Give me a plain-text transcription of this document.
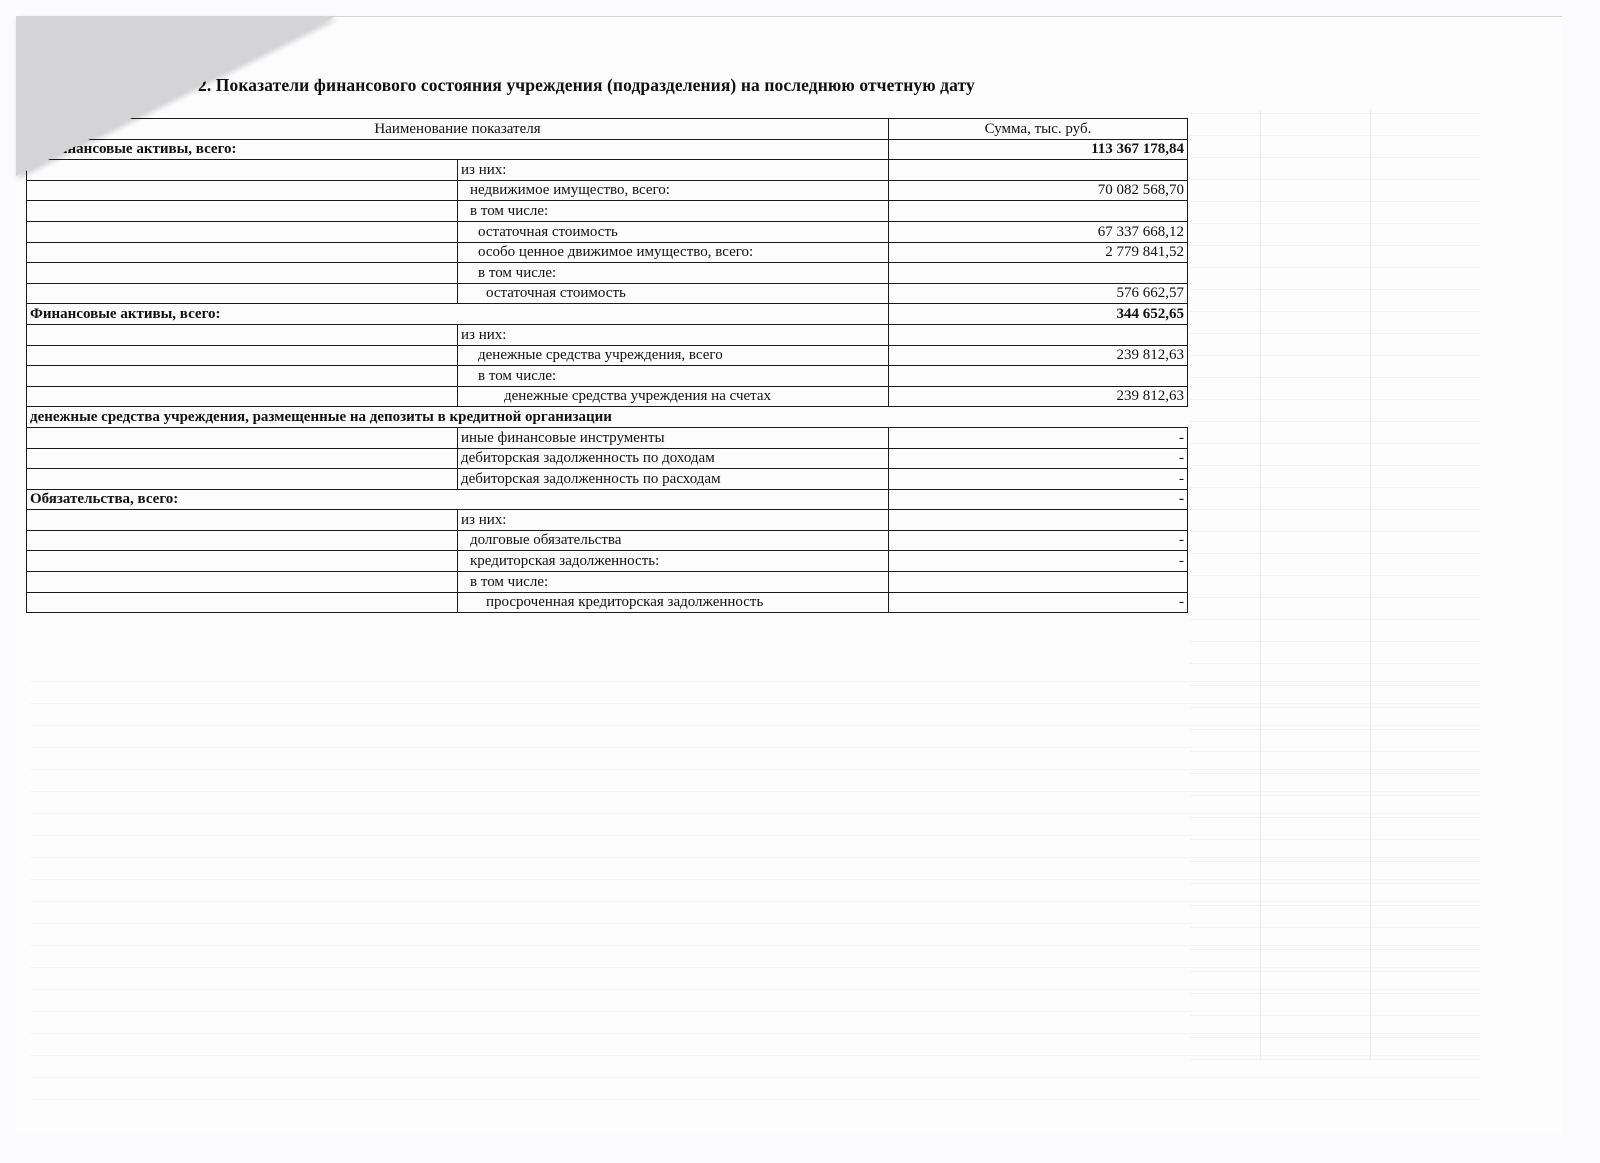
2. Показатели финансового состояния учреждения (подразделения) на последнюю отчетную дату
Наименование показателя		Сумма, тыс. руб.
Нефинансовые активы, всего:		113 367 178,84
	из них:	
	недвижимое имущество, всего:	70 082 568,70
	в том числе:	
	остаточная стоимость	67 337 668,12
	особо ценное движимое имущество, всего:	2 779 841,52
	в том числе:	
	остаточная стоимость	576 662,57
Финансовые активы, всего:		344 652,65
	из них:	
	денежные средства учреждения, всего	239 812,63
	в том числе:	
	денежные средства учреждения на счетах	239 812,63
денежные средства учреждения, размещенные на депозиты в кредитной организации		
	иные финансовые инструменты	-
	дебиторская задолженность по доходам	-
	дебиторская задолженность по расходам	-
Обязательства, всего:		-
	из них:	
	долговые обязательства	-
	кредиторская задолженность:	-
	в том числе:	
	просроченная кредиторская задолженность	-
